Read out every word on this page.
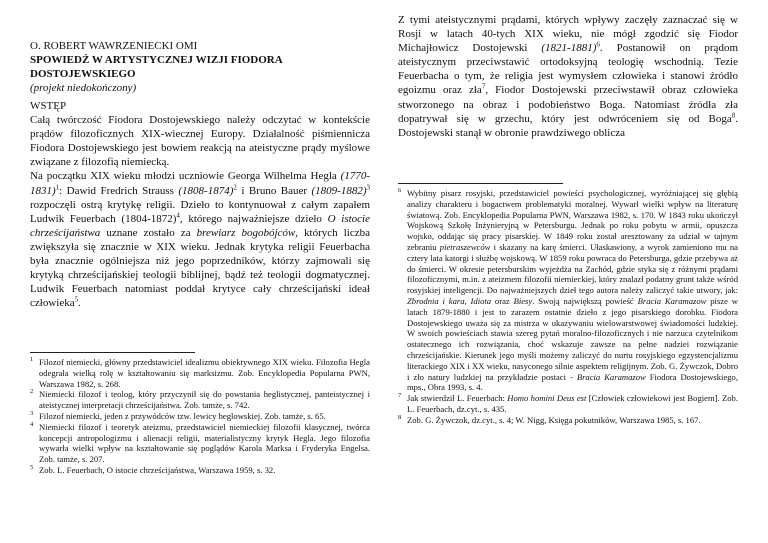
O. ROBERT WAWRZENIECKI OMI
SPOWIEDŹ W ARTYSTYCZNEJ WIZJI FIODORA
DOSTOJEWSKIEGO
(projekt niedokończony)
WSTĘP

Całą twórczość Fiodora Dostojewskiego należy odczytać w kontekście prądów filozoficznych XIX-wiecznej Europy. Działalność piśmiennicza Fiodora Dostojewskiego jest bowiem reakcją na ateistyczne prądy myślowe związane z filozofią niemiecką.

Na początku XIX wieku młodzi uczniowie Georga Wilhelma Hegla (1770-1831)$^1$: Dawid Fredrich Strauss (1808-1874)$^2$ i Bruno Bauer (1809-1882)$^3$ rozpoczęli ostrą krytykę religii. Dzieło to kontynuował z całym zapałem Ludwik Feuerbach (1804-1872)$^4$, którego najważniejsze dzieło O istocie chrześcijaństwa uznane zostało za brewiarz bogobójców, których liczba zwiększyła się znacznie w XIX wieku. Jednak krytyka religii Feuerbacha była znacznie ogólniejsza niż jego poprzedników, którzy zajmowali się krytyką chrześcijańskiej teologii biblijnej, bądź też teologii dogmatycznej. Ludwik Feuerbach natomiast poddał krytyce cały chrześcijański ideał człowieka$^5$.

1 Filozof niemiecki, główny przedstawiciel idealizmu obiektywnego XIX wieku. Filozofia Hegla odegrała wielką rolę w kształtowaniu się marksizmu. Zob. Encyklopedia Popularna PWN, Warszawa 1982, s. 268.

2 Niemiecki filozof i teolog, który przyczynił się do powstania heglistycznej, panteistycznej i ateistycznej interpretacji chrześcijaństwa. Zob. tamże, s. 742.

3 Filozof niemiecki, jeden z przywódców tzw. lewicy heglowskiej. Zob. tamże, s. 65.

4 Niemiecki filozof i teoretyk ateizmu, przedstawiciel niemieckiej filozofii klasycznej, twórca koncepcji antropologizmu i alienacji religii, materialistyczny krytyk Hegla. Jego filozofia wywarła wielki wpływ na kształtowanie się poglądów Karola Marksa i Fryderyka Engelsa. Zob. tamże, s. 207.

5 Zob. L. Feuerbach, O istocie chrześcijaństwa, Warszawa 1959, s. 32.

Z tymi ateistycznymi prądami, których wpływy zaczęły zaznaczać się w Rosji w latach 40-tych XIX wieku, nie mógł zgodzić się Fiodor Michajłowicz Dostojewski (1821-1881)$^6$. Postanowił on prądom ateistycznym przeciwstawić ortodoksyjną teologię wschodnią. Tezie Feuerbacha o tym, że religia jest wymysłem człowieka i stanowi źródło egoizmu oraz zła$^7$, Fiodor Dostojewski przeciwstawił obraz człowieka stworzonego na obraz i podobieństwo Boga. Natomiast źródła zła dopatrywał się w grzechu, który jest odwróceniem się od Boga$^8$. Dostojewski stanął w obronie prawdziwego oblicza

6 Wybitny pisarz rosyjski, przedstawiciel powieści psychologicznej, wyróżniającej się głębią analizy charakteru i bogactwem problematyki moralnej. Wywarł wielki wpływ na literaturę światową. Zob. Encyklopedia Popularna PWN, Warszawa 1982, s. 170. W 1843 roku ukończył Wojskową Szkołę Inżynieryjną w Petersburgu. Jednak po roku pobytu w armii, opuszcza wojsko, oddając się pracy pisarskiej. W 1849 roku został aresztowany za udział w tajnym zebraniu pietraszewców i skazany na karę śmierci. Ułaskawiony, a wyrok zamieniono mu na cztery lata katorgi i służbę wojskową. W 1859 roku powraca do Petersburga, gdzie przebywa aż do śmierci. W okresie petersburskim wyjeżdża na Zachód, gdzie styka się z różnymi prądami filozoficznymi, m.in. z ateizmem filozofii niemieckiej, który znalazł podatny grunt także wśród rosyjskiej inteligencji. Do najważniejszych dzieł tego autora należy zaliczyć takie utwory, jak: Zbrodnia i kara, Idiota oraz Biesy. Swoją największą powieść Bracia Karamazow pisze w latach 1879-1880 i jest to zarazem ostatnie dzieło z jego pisarskiego dorobku. Fiodora Dostojewskiego uważa się za mistrza w ukazywaniu wielowarstwowej świadomości ludzkiej. W swoich powieściach stawia szereg pytań moralno-filozoficznych i nie narzuca czytelnikom ostatecznego ich rozwiązania, choć wskazuje zawsze na pełne nadziei rozwiązanie chrześcijańskie. Kierunek jego myśli możemy zaliczyć do nurtu rosyjskiego egzystencjalizmu literackiego XIX i XX wieku, nasyconego silnie aspektem religijnym. Zob. G. Żywczok, Dobro i zło natury ludzkiej na przykładzie postaci - Bracia Karamazow Fiodora Dostojewskiego, mps., Obra 1993, s. 4.

7 Jak stwierdził L. Feuerbach: Homo homini Deus est [Człowiek człowiekowi jest Bogiem]. Zob. L. Feuerbach, dz.cyt., s. 435.

8 Zob. G. Żywczok, dz.cyt., s. 4; W. Nigg, Księga pokutników, Warszawa 1985, s. 167.
